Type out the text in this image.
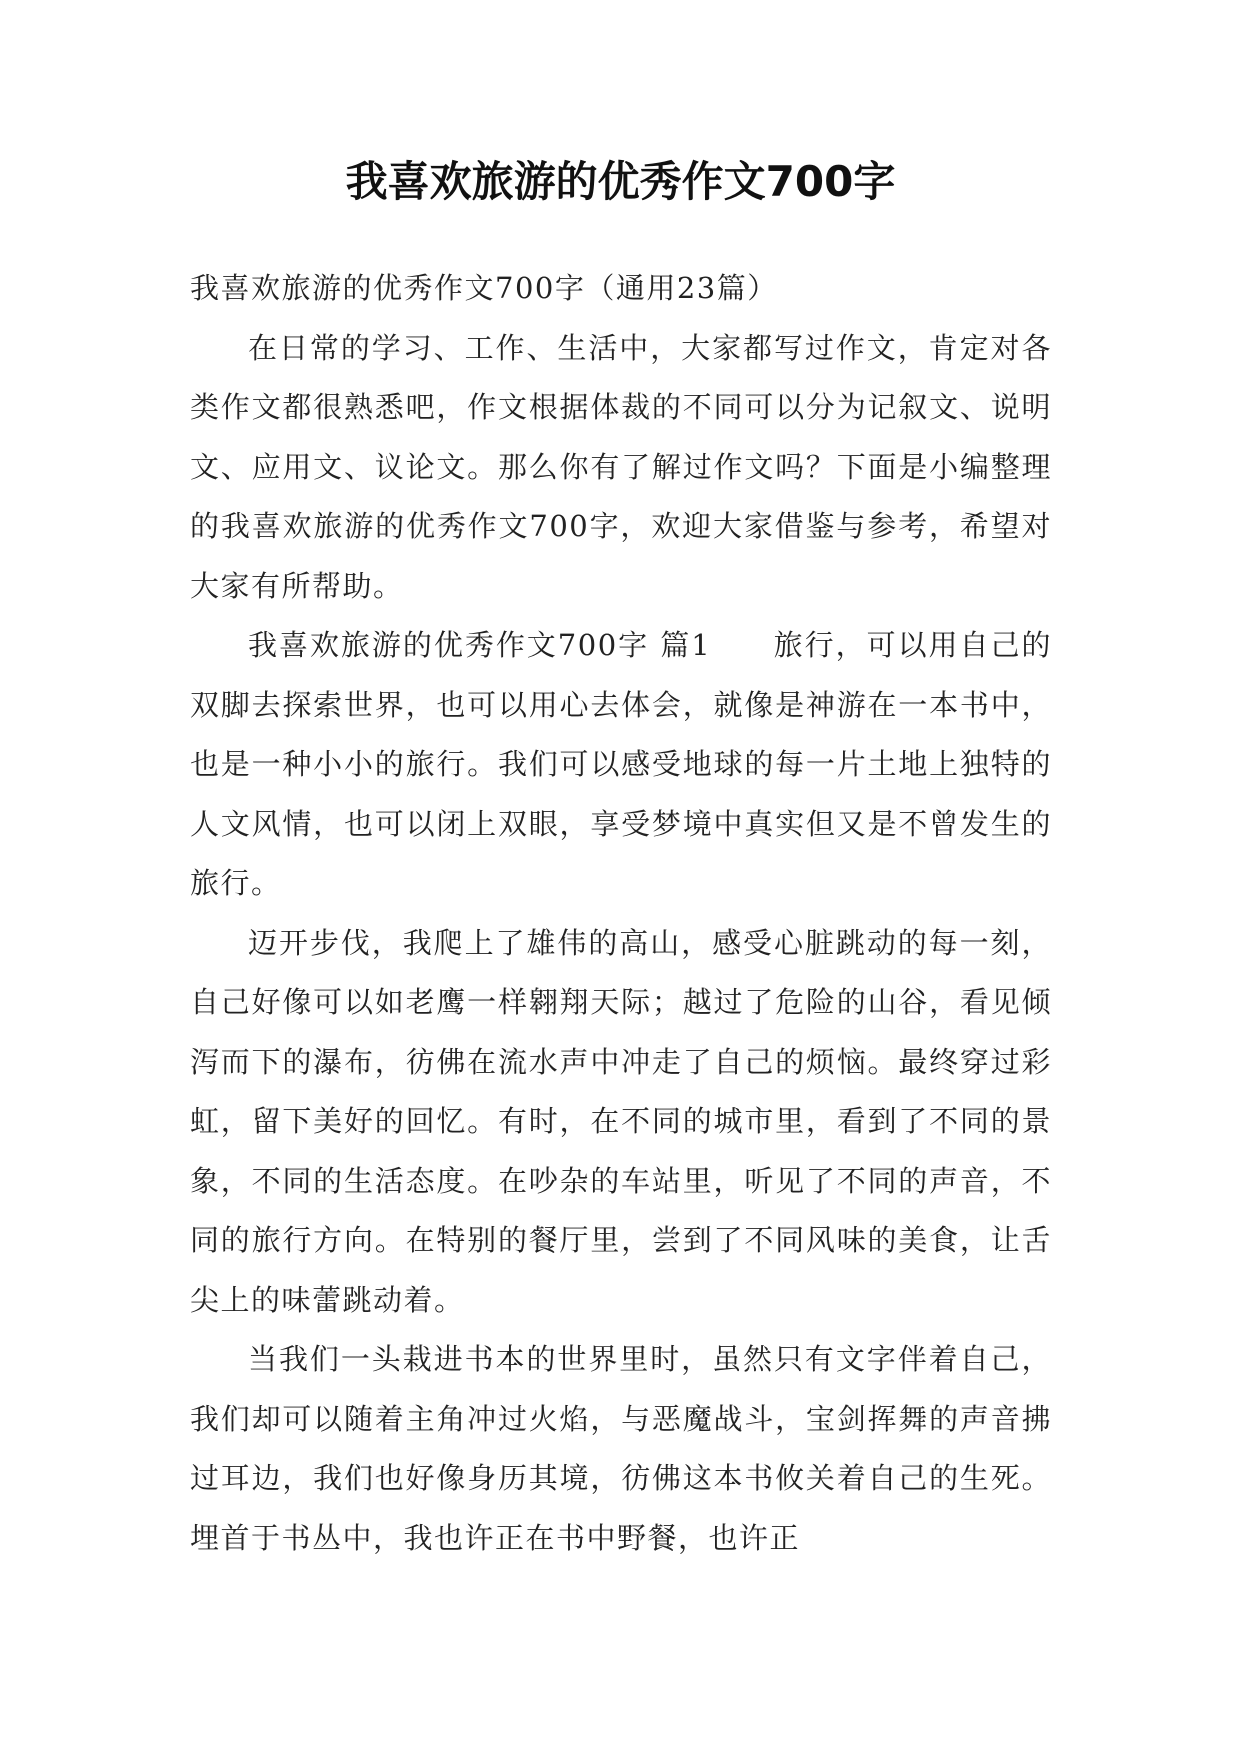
我喜欢旅游的优秀作文700字

我喜欢旅游的优秀作文700字（通用23篇）

在日常的学习、工作、生活中，大家都写过作文，肯定对各类作文都很熟悉吧，作文根据体裁的不同可以分为记叙文、说明文、应用文、议论文。那么你有了解过作文吗？下面是小编整理的我喜欢旅游的优秀作文700字，欢迎大家借鉴与参考，希望对大家有所帮助。

我喜欢旅游的优秀作文700字 篇1　　旅行，可以用自己的双脚去探索世界，也可以用心去体会，就像是神游在一本书中，也是一种小小的旅行。我们可以感受地球的每一片土地上独特的人文风情，也可以闭上双眼，享受梦境中真实但又是不曾发生的旅行。

迈开步伐，我爬上了雄伟的高山，感受心脏跳动的每一刻，自己好像可以如老鹰一样翱翔天际；越过了危险的山谷，看见倾泻而下的瀑布，彷佛在流水声中冲走了自己的烦恼。最终穿过彩虹，留下美好的回忆。有时，在不同的城市里，看到了不同的景象，不同的生活态度。在吵杂的车站里，听见了不同的声音，不同的旅行方向。在特别的餐厅里，尝到了不同风味的美食，让舌尖上的味蕾跳动着。

当我们一头栽进书本的世界里时，虽然只有文字伴着自己，我们却可以随着主角冲过火焰，与恶魔战斗，宝剑挥舞的声音拂过耳边，我们也好像身历其境，彷佛这本书攸关着自己的生死。埋首于书丛中，我也许正在书中野餐，也许正
